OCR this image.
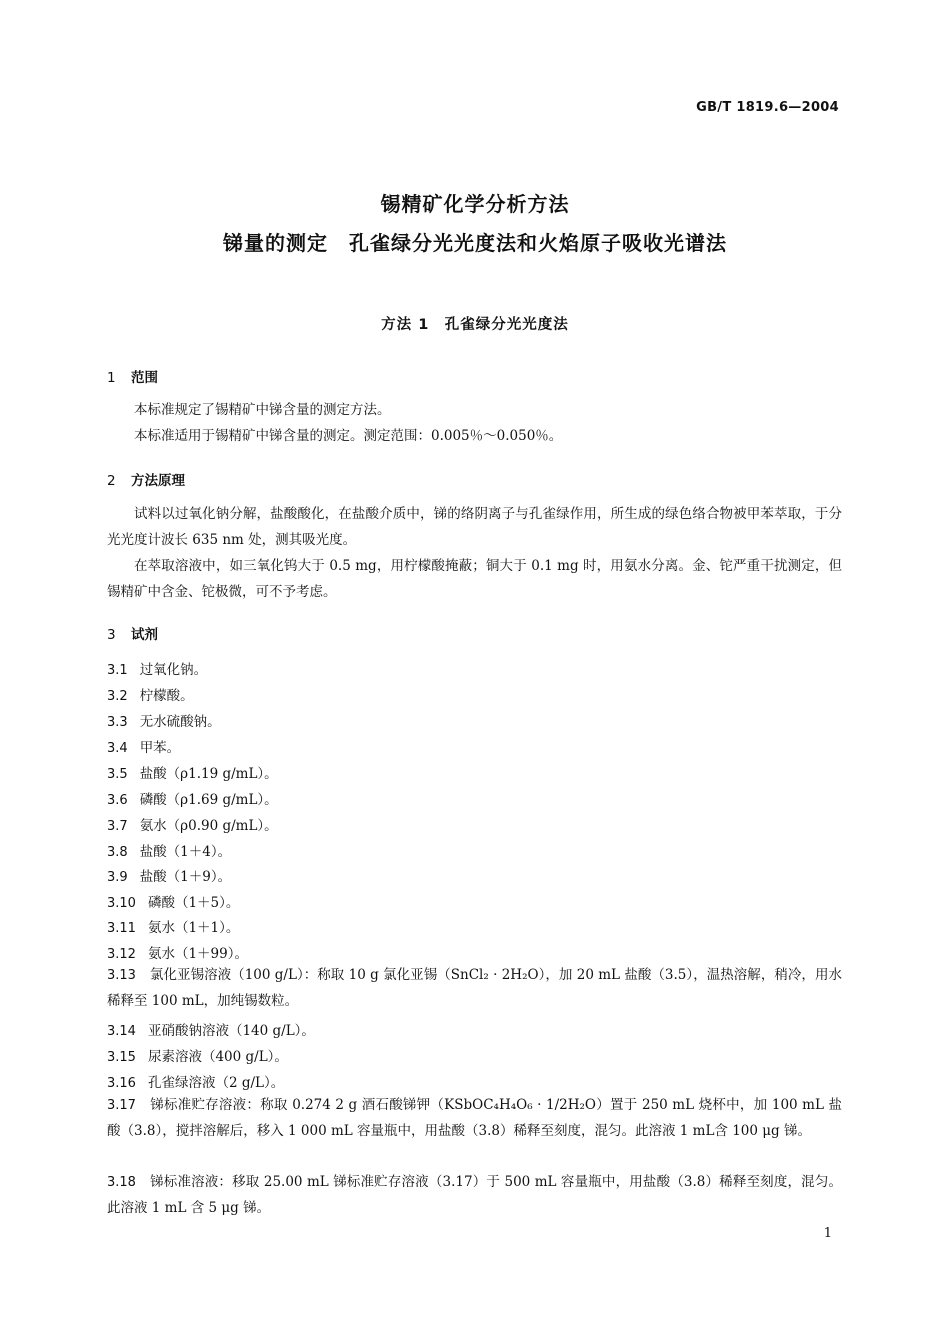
GB/T 1819.6—2004
锡精矿化学分析方法
锑量的测定　孔雀绿分光光度法和火焰原子吸收光谱法
方法 1　孔雀绿分光光度法
1 范围
本标准规定了锡精矿中锑含量的测定方法。
本标准适用于锡精矿中锑含量的测定。测定范围：0.005％～0.050％。
2 方法原理
试料以过氧化钠分解，盐酸酸化，在盐酸介质中，锑的络阴离子与孔雀绿作用，所生成的绿色络合物被甲苯萃取，于分光光度计波长 635 nm 处，测其吸光度。
在萃取溶液中，如三氧化钨大于 0.5 mg，用柠檬酸掩蔽；铜大于 0.1 mg 时，用氨水分离。金、铊严重干扰测定，但锡精矿中含金、铊极微，可不予考虑。
3 试剂
3.1 过氧化钠。
3.2 柠檬酸。
3.3 无水硫酸钠。
3.4 甲苯。
3.5 盐酸（ρ1.19 g/mL）。
3.6 磷酸（ρ1.69 g/mL）。
3.7 氨水（ρ0.90 g/mL）。
3.8 盐酸（1＋4）。
3.9 盐酸（1＋9）。
3.10 磷酸（1＋5）。
3.11 氨水（1＋1）。
3.12 氨水（1＋99）。
3.13 氯化亚锡溶液（100 g/L）：称取 10 g 氯化亚锡（SnCl₂ · 2H₂O），加 20 mL 盐酸（3.5），温热溶解，稍冷，用水稀释至 100 mL，加纯锡数粒。
3.14 亚硝酸钠溶液（140 g/L）。
3.15 尿素溶液（400 g/L）。
3.16 孔雀绿溶液（2 g/L）。
3.17 锑标准贮存溶液：称取 0.274 2 g 酒石酸锑钾（KSbOC₄H₄O₆ · 1/2H₂O）置于 250 mL 烧杯中，加 100 mL 盐酸（3.8），搅拌溶解后，移入 1 000 mL 容量瓶中，用盐酸（3.8）稀释至刻度，混匀。此溶液 1 mL含 100 μg 锑。
3.18 锑标准溶液：移取 25.00 mL 锑标准贮存溶液（3.17）于 500 mL 容量瓶中，用盐酸（3.8）稀释至刻度，混匀。此溶液 1 mL 含 5 μg 锑。
1
